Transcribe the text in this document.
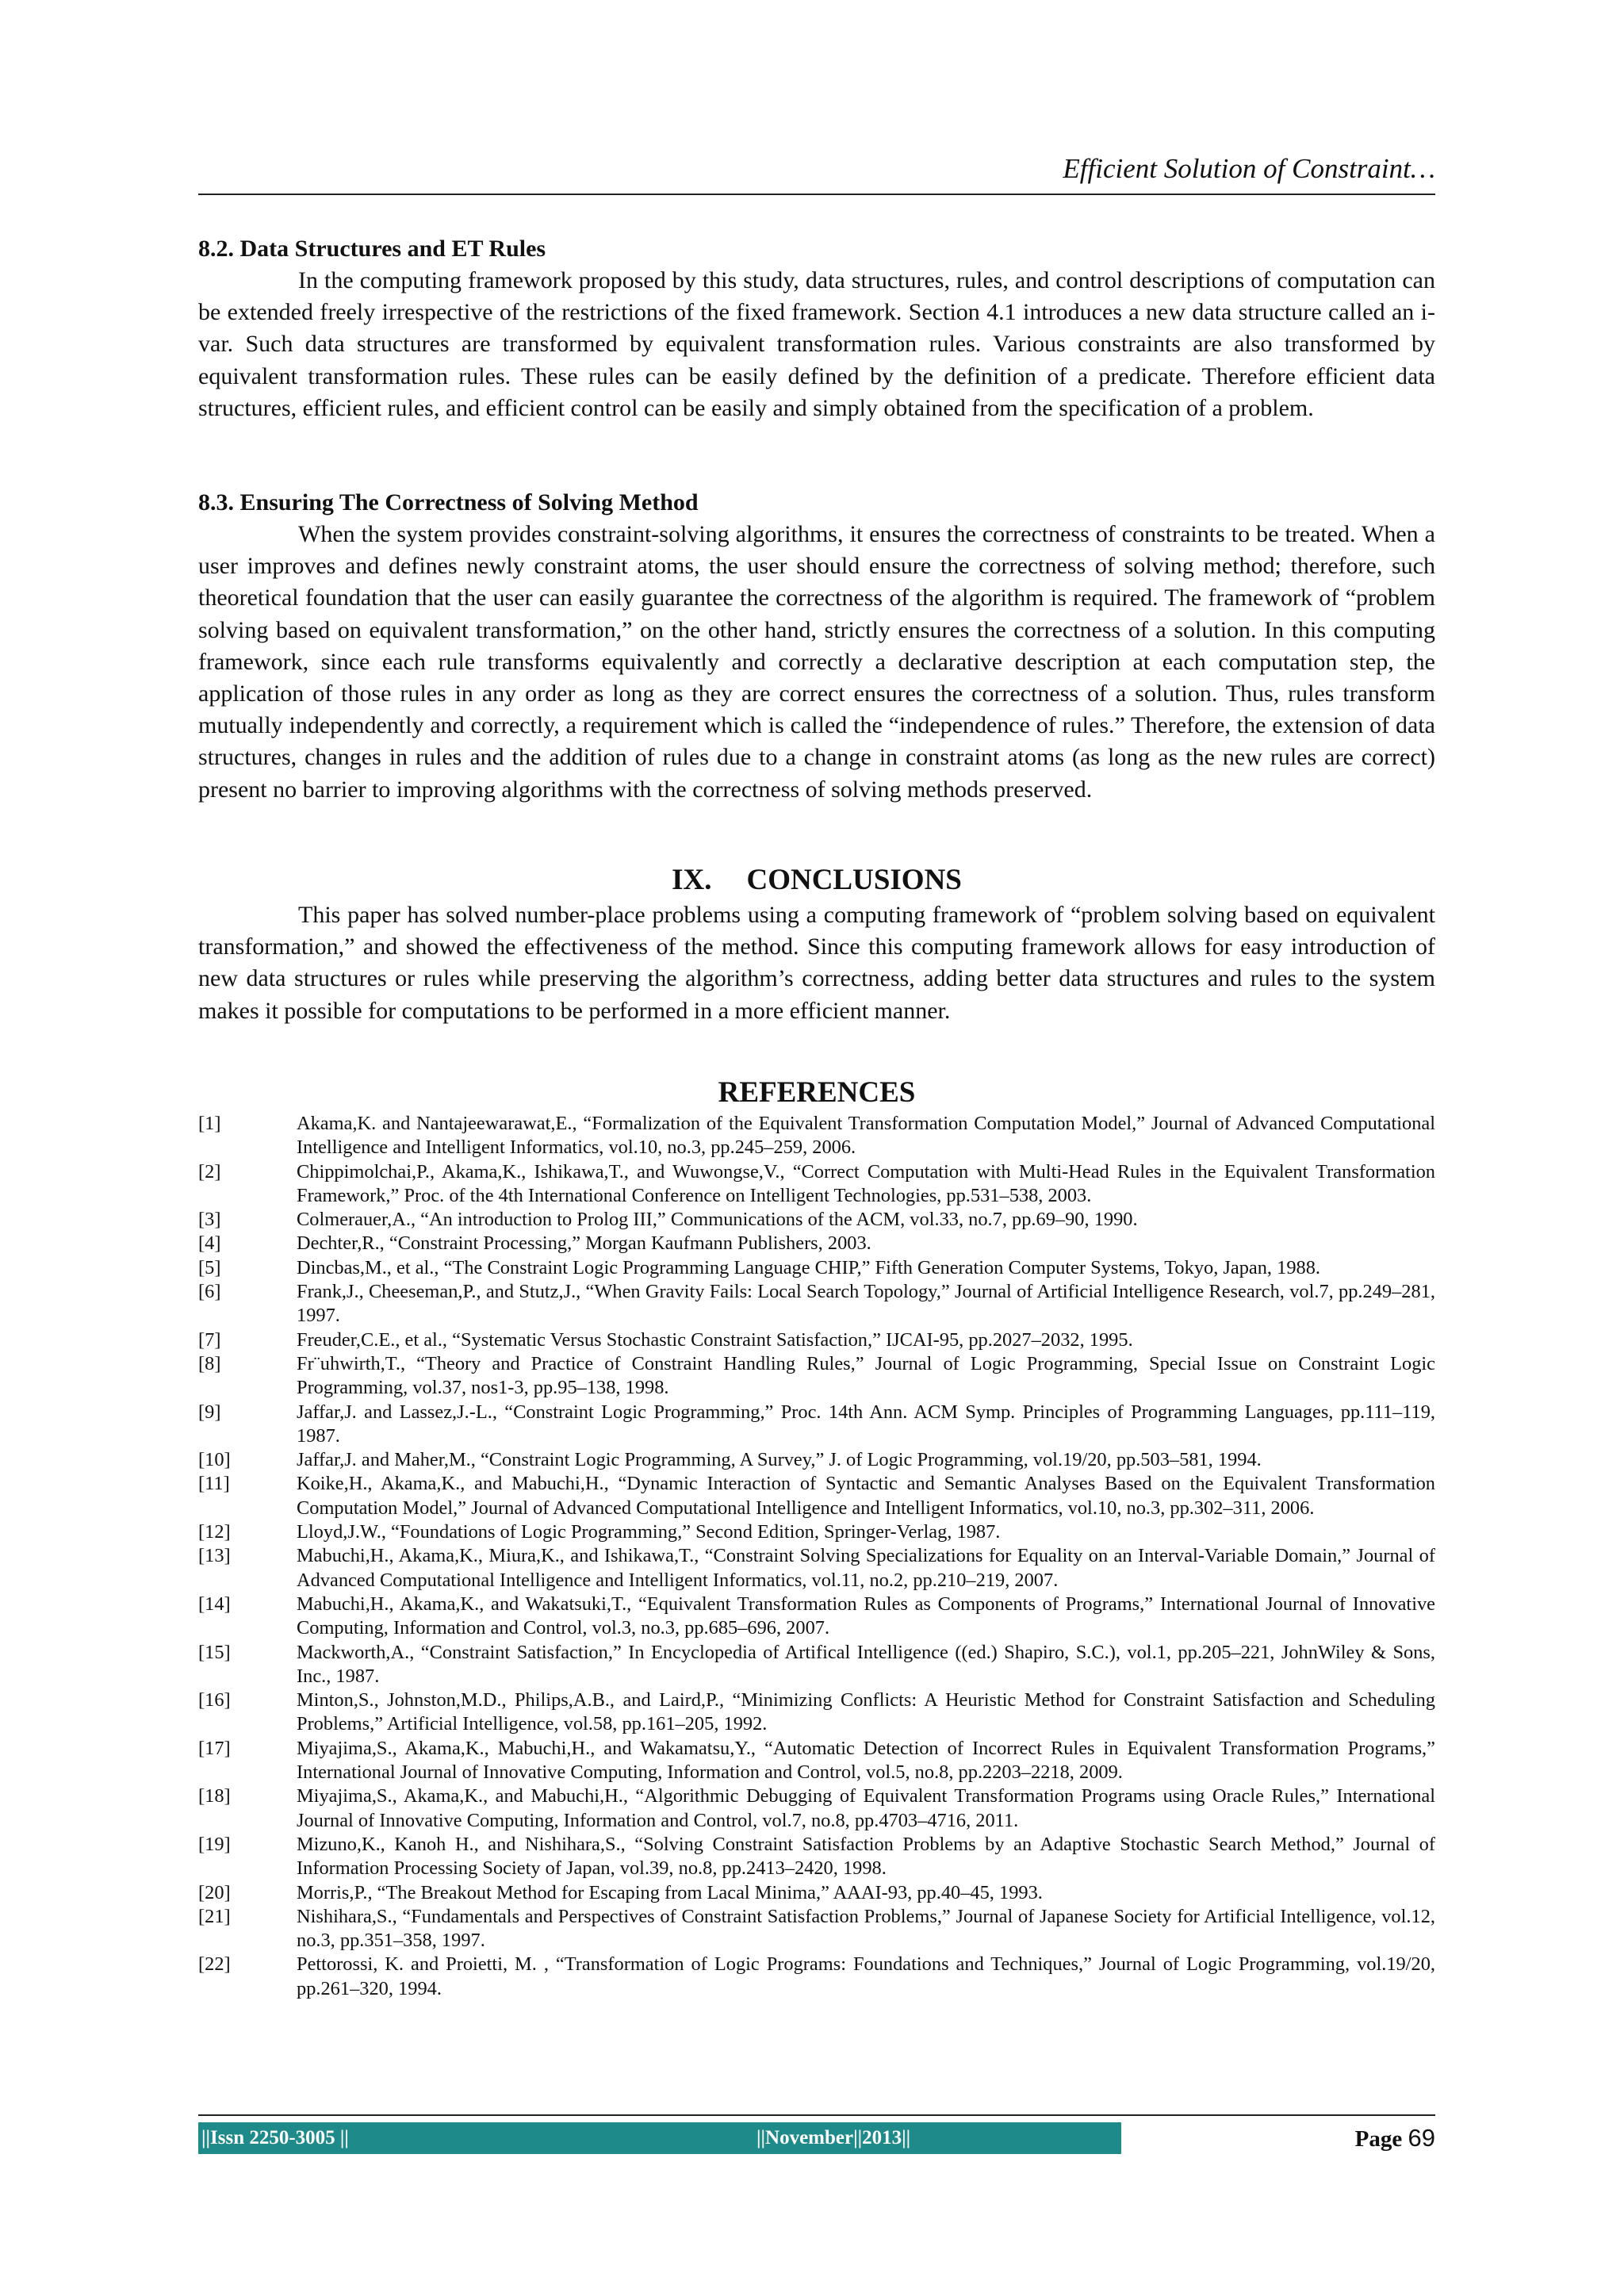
Efficient Solution of Constraint…

8.2. Data Structures and ET Rules

In the computing framework proposed by this study, data structures, rules, and control descriptions of computation can be extended freely irrespective of the restrictions of the fixed framework. Section 4.1 introduces a new data structure called an i-var. Such data structures are transformed by equivalent transformation rules. Various constraints are also transformed by equivalent transformation rules. These rules can be easily defined by the definition of a predicate. Therefore efficient data structures, efficient rules, and efficient control can be easily and simply obtained from the specification of a problem.

8.3. Ensuring The Correctness of Solving Method

When the system provides constraint-solving algorithms, it ensures the correctness of constraints to be treated. When a user improves and defines newly constraint atoms, the user should ensure the correctness of solving method; therefore, such theoretical foundation that the user can easily guarantee the correctness of the algorithm is required. The framework of “problem solving based on equivalent transformation,” on the other hand, strictly ensures the correctness of a solution. In this computing framework, since each rule transforms equivalently and correctly a declarative description at each computation step, the application of those rules in any order as long as they are correct ensures the correctness of a solution. Thus, rules transform mutually independently and correctly, a requirement which is called the “independence of rules.” Therefore, the extension of data structures, changes in rules and the addition of rules due to a change in constraint atoms (as long as the new rules are correct) present no barrier to improving algorithms with the correctness of solving methods preserved.

IX. CONCLUSIONS

This paper has solved number-place problems using a computing framework of “problem solving based on equivalent transformation,” and showed the effectiveness of the method. Since this computing framework allows for easy introduction of new data structures or rules while preserving the algorithm’s correctness, adding better data structures and rules to the system makes it possible for computations to be performed in a more efficient manner.

REFERENCES
[1]	Akama,K. and Nantajeewarawat,E., “Formalization of the Equivalent Transformation Computation Model,” Journal of Advanced Computational Intelligence and Intelligent Informatics, vol.10, no.3, pp.245–259, 2006.
[2]	Chippimolchai,P., Akama,K., Ishikawa,T., and Wuwongse,V., “Correct Computation with Multi-Head Rules in the Equivalent Transformation Framework,” Proc. of the 4th International Conference on Intelligent Technologies, pp.531–538, 2003.
[3]	Colmerauer,A., “An introduction to Prolog III,” Communications of the ACM, vol.33, no.7, pp.69–90, 1990.
[4]	Dechter,R., “Constraint Processing,” Morgan Kaufmann Publishers, 2003.
[5]	Dincbas,M., et al., “The Constraint Logic Programming Language CHIP,” Fifth Generation Computer Systems, Tokyo, Japan, 1988.
[6]	Frank,J., Cheeseman,P., and Stutz,J., “When Gravity Fails: Local Search Topology,” Journal of Artificial Intelligence Research, vol.7, pp.249–281, 1997.
[7]	Freuder,C.E., et al., “Systematic Versus Stochastic Constraint Satisfaction,” IJCAI-95, pp.2027–2032, 1995.
[8]	Fr¨uhwirth,T., “Theory and Practice of Constraint Handling Rules,” Journal of Logic Programming, Special Issue on Constraint Logic Programming, vol.37, nos1-3, pp.95–138, 1998.
[9]	Jaffar,J. and Lassez,J.-L., “Constraint Logic Programming,” Proc. 14th Ann. ACM Symp. Principles of Programming Languages, pp.111–119, 1987.
[10]	Jaffar,J. and Maher,M., “Constraint Logic Programming, A Survey,” J. of Logic Programming, vol.19/20, pp.503–581, 1994.
[11]	Koike,H., Akama,K., and Mabuchi,H., “Dynamic Interaction of Syntactic and Semantic Analyses Based on the Equivalent Transformation Computation Model,” Journal of Advanced Computational Intelligence and Intelligent Informatics, vol.10, no.3, pp.302–311, 2006.
[12]	Lloyd,J.W., “Foundations of Logic Programming,” Second Edition, Springer-Verlag, 1987.
[13]	Mabuchi,H., Akama,K., Miura,K., and Ishikawa,T., “Constraint Solving Specializations for Equality on an Interval-Variable Domain,” Journal of Advanced Computational Intelligence and Intelligent Informatics, vol.11, no.2, pp.210–219, 2007.
[14]	Mabuchi,H., Akama,K., and Wakatsuki,T., “Equivalent Transformation Rules as Components of Programs,” International Journal of Innovative Computing, Information and Control, vol.3, no.3, pp.685–696, 2007.
[15]	Mackworth,A., “Constraint Satisfaction,” In Encyclopedia of Artifical Intelligence ((ed.) Shapiro, S.C.), vol.1, pp.205–221, JohnWiley & Sons, Inc., 1987.
[16]	Minton,S., Johnston,M.D., Philips,A.B., and Laird,P., “Minimizing Conflicts: A Heuristic Method for Constraint Satisfaction and Scheduling Problems,” Artificial Intelligence, vol.58, pp.161–205, 1992.
[17]	Miyajima,S., Akama,K., Mabuchi,H., and Wakamatsu,Y., “Automatic Detection of Incorrect Rules in Equivalent Transformation Programs,” International Journal of Innovative Computing, Information and Control, vol.5, no.8, pp.2203–2218, 2009.
[18]	Miyajima,S., Akama,K., and Mabuchi,H., “Algorithmic Debugging of Equivalent Transformation Programs using Oracle Rules,” International Journal of Innovative Computing, Information and Control, vol.7, no.8, pp.4703–4716, 2011.
[19]	Mizuno,K., Kanoh H., and Nishihara,S., “Solving Constraint Satisfaction Problems by an Adaptive Stochastic Search Method,” Journal of Information Processing Society of Japan, vol.39, no.8, pp.2413–2420, 1998.
[20]	Morris,P., “The Breakout Method for Escaping from Lacal Minima,” AAAI-93, pp.40–45, 1993.
[21]	Nishihara,S., “Fundamentals and Perspectives of Constraint Satisfaction Problems,” Journal of Japanese Society for Artificial Intelligence, vol.12, no.3, pp.351–358, 1997.
[22]	Pettorossi, K. and Proietti, M. , “Transformation of Logic Programs: Foundations and Techniques,” Journal of Logic Programming, vol.19/20, pp.261–320, 1994.
||Issn 2250-3005 ||	||November||2013||	Page 69
